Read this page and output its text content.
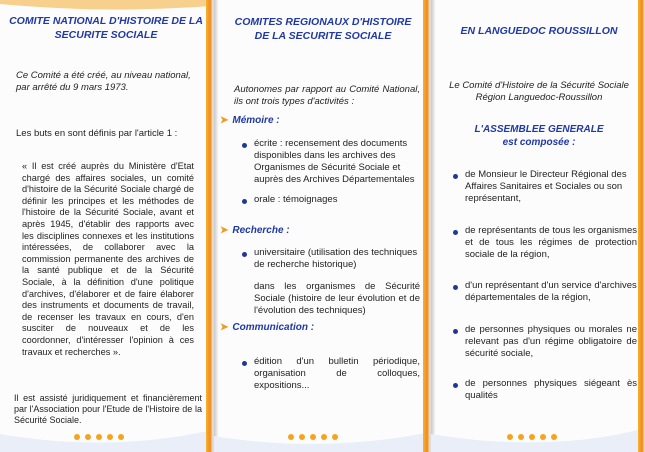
COMITE NATIONAL D'HISTOIRE DE LA SECURITE SOCIALE
Ce Comité a été créé, au niveau national, par arrêté du 9 mars 1973.
Les buts en sont définis par l'article 1 :
« Il est créé auprès du Ministère d'Etat chargé des affaires sociales, un comité d'histoire de la Sécurité Sociale chargé de définir les principes et les méthodes de l'histoire de la Sécurité Sociale, avant et après 1945, d'établir des rapports avec les disciplines connexes et les institutions intéressées, de collaborer avec la commission permanente des archives de la santé publique et de la Sécurité Sociale, à la définition d'une politique d'archives, d'élaborer et de faire élaborer des instruments et documents de travail, de recenser les travaux en cours, d'en susciter de nouveaux et de les coordonner, d'intéresser l'opinion à ces travaux et recherches ».
Il est assisté juridiquement et financièrement par l'Association pour l'Etude de l'Histoire de la Sécurité Sociale.
COMITES REGIONAUX D'HISTOIRE DE LA SECURITE SOCIALE
Autonomes par rapport au Comité National, ils ont trois types d'activités :
➤ Mémoire :
écrite : recensement des documents disponibles dans les archives des Organismes de Sécurité Sociale et auprès des Archives Départementales
orale : témoignages
➤ Recherche :
universitaire (utilisation des techniques de recherche historique)
dans les organismes de Sécurité Sociale (histoire de leur évolution et de l'évolution des techniques)
➤ Communication :
édition d'un bulletin périodique, organisation de colloques, expositions...
EN LANGUEDOC ROUSSILLON
Le Comité d'Histoire de la Sécurité Sociale Région Languedoc-Roussillon
L'ASSEMBLEE GENERALE
est composée :
de Monsieur le Directeur Régional des Affaires Sanitaires et Sociales ou son représentant,
de représentants de tous les organismes et de tous les régimes de protection sociale de la région,
d'un représentant d'un service d'archives départementales de la région,
de personnes physiques ou morales ne relevant pas d'un régime obligatoire de sécurité sociale,
de personnes physiques siégeant ès qualités
